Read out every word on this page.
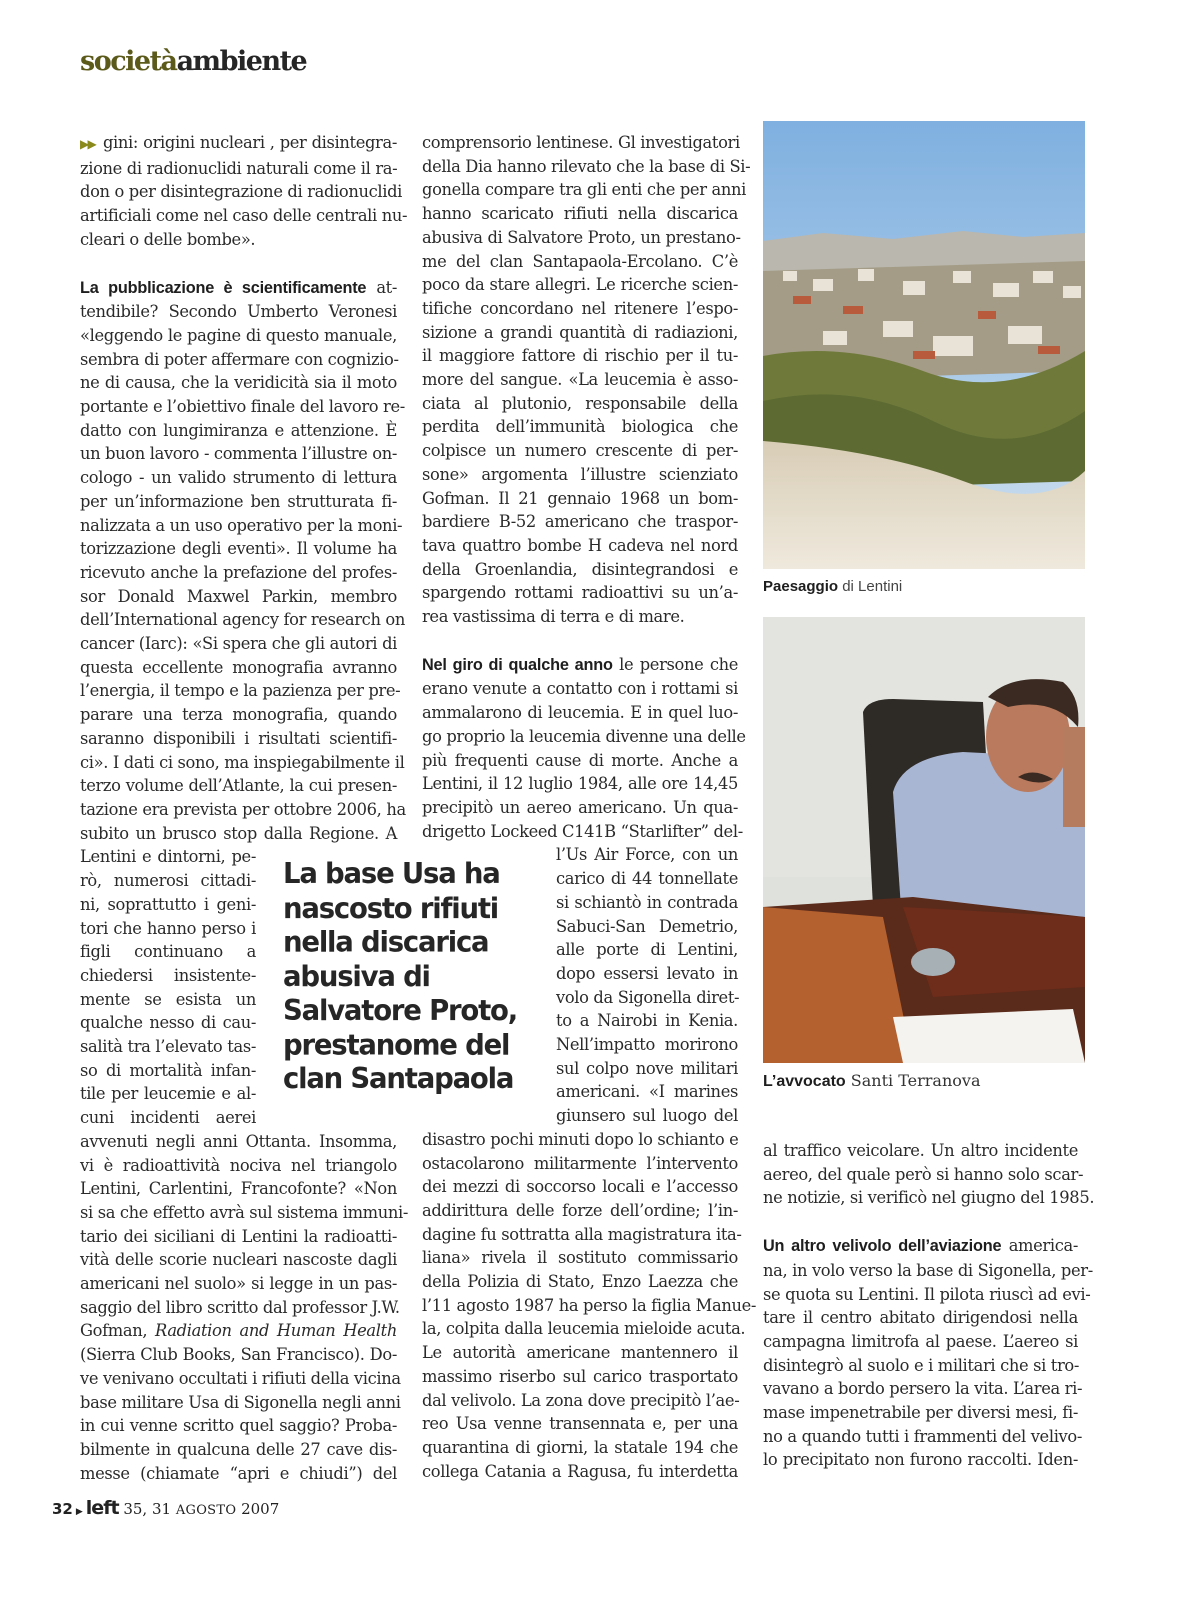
societàambiente
▶▶ gini: origini nucleari , per disintegra-
zione di radionuclidi naturali come il ra-
don o per disintegrazione di radionuclidi
artificiali come nel caso delle centrali nu-
cleari o delle bombe».
La pubblicazione è scientificamente at-
tendibile? Secondo Umberto Veronesi
«leggendo le pagine di questo manuale,
sembra di poter affermare con cognizio-
ne di causa, che la veridicità sia il moto
portante e l’obiettivo finale del lavoro re-
datto con lungimiranza e attenzione. È
un buon lavoro - commenta l’illustre on-
cologo - un valido strumento di lettura
per un’informazione ben strutturata fi-
nalizzata a un uso operativo per la moni-
torizzazione degli eventi». Il volume ha
ricevuto anche la prefazione del profes-
sor Donald Maxwel Parkin, membro
dell’International agency for research on
cancer (Iarc): «Si spera che gli autori di
questa eccellente monografia avranno
l’energia, il tempo e la pazienza per pre-
parare una terza monografia, quando
saranno disponibili i risultati scientifi-
ci». I dati ci sono, ma inspiegabilmente il
terzo volume dell’Atlante, la cui presen-
tazione era prevista per ottobre 2006, ha
subito un brusco stop dalla Regione. A
Lentini e dintorni, pe-
rò, numerosi cittadi-
ni, soprattutto i geni-
tori che hanno perso i
figli continuano a
chiedersi insistente-
mente se esista un
qualche nesso di cau-
salità tra l’elevato tas-
so di mortalità infan-
tile per leucemie e al-
cuni incidenti aerei
avvenuti negli anni Ottanta. Insomma,
vi è radioattività nociva nel triangolo
Lentini, Carlentini, Francofonte? «Non
si sa che effetto avrà sul sistema immuni-
tario dei siciliani di Lentini la radioatti-
vità delle scorie nucleari nascoste dagli
americani nel suolo» si legge in un pas-
saggio del libro scritto dal professor J.W.
Gofman, Radiation and Human Health
(Sierra Club Books, San Francisco). Do-
ve venivano occultati i rifiuti della vicina
base militare Usa di Sigonella negli anni
in cui venne scritto quel saggio? Proba-
bilmente in qualcuna delle 27 cave dis-
messe (chiamate “apri e chiudi”) del
La base Usa ha nascosto rifiuti nella discarica abusiva di Salvatore Proto, prestanome del clan Santapaola
comprensorio lentinese. Gl investigatori
della Dia hanno rilevato che la base di Si-
gonella compare tra gli enti che per anni
hanno scaricato rifiuti nella discarica
abusiva di Salvatore Proto, un prestano-
me del clan Santapaola-Ercolano. C’è
poco da stare allegri. Le ricerche scien-
tifiche concordano nel ritenere l’espo-
sizione a grandi quantità di radiazioni,
il maggiore fattore di rischio per il tu-
more del sangue. «La leucemia è asso-
ciata al plutonio, responsabile della
perdita dell’immunità biologica che
colpisce un numero crescente di per-
sone» argomenta l’illustre scienziato
Gofman. Il 21 gennaio 1968 un bom-
bardiere B-52 americano che traspor-
tava quattro bombe H cadeva nel nord
della Groenlandia, disintegrandosi e
spargendo rottami radioattivi su un’a-
rea vastissima di terra e di mare.
Nel giro di qualche anno le persone che
erano venute a contatto con i rottami si
ammalarono di leucemia. E in quel luo-
go proprio la leucemia divenne una delle
più frequenti cause di morte. Anche a
Lentini, il 12 luglio 1984, alle ore 14,45
precipitò un aereo americano. Un qua-
drigetto Lockeed C141B “Starlifter” del-
l’Us Air Force, con un
carico di 44 tonnellate
si schiantò in contrada
Sabuci-San Demetrio,
alle porte di Lentini,
dopo essersi levato in
volo da Sigonella diret-
to a Nairobi in Kenia.
Nell’impatto morirono
sul colpo nove militari
americani. «I marines
giunsero sul luogo del
disastro pochi minuti dopo lo schianto e
ostacolarono militarmente l’intervento
dei mezzi di soccorso locali e l’accesso
addirittura delle forze dell’ordine; l’in-
dagine fu sottratta alla magistratura ita-
liana» rivela il sostituto commissario
della Polizia di Stato, Enzo Laezza che
l’11 agosto 1987 ha perso la figlia Manue-
la, colpita dalla leucemia mieloide acuta.
Le autorità americane mantennero il
massimo riserbo sul carico trasportato
dal velivolo. La zona dove precipitò l’ae-
reo Usa venne transennata e, per una
quarantina di giorni, la statale 194 che
collega Catania a Ragusa, fu interdetta
Paesaggio di Lentini
L’avvocato Santi Terranova
al traffico veicolare. Un altro incidente
aereo, del quale però si hanno solo scar-
ne notizie, si verificò nel giugno del 1985.
Un altro velivolo dell’aviazione america-
na, in volo verso la base di Sigonella, per-
se quota su Lentini. Il pilota riuscì ad evi-
tare il centro abitato dirigendosi nella
campagna limitrofa al paese. L’aereo si
disintegrò al suolo e i militari che si tro-
vavano a bordo persero la vita. L’area ri-
mase impenetrabile per diversi mesi, fi-
no a quando tutti i frammenti del velivo-
lo precipitato non furono raccolti. Iden-
32 ▶ left 35, 31 AGOSTO 2007
